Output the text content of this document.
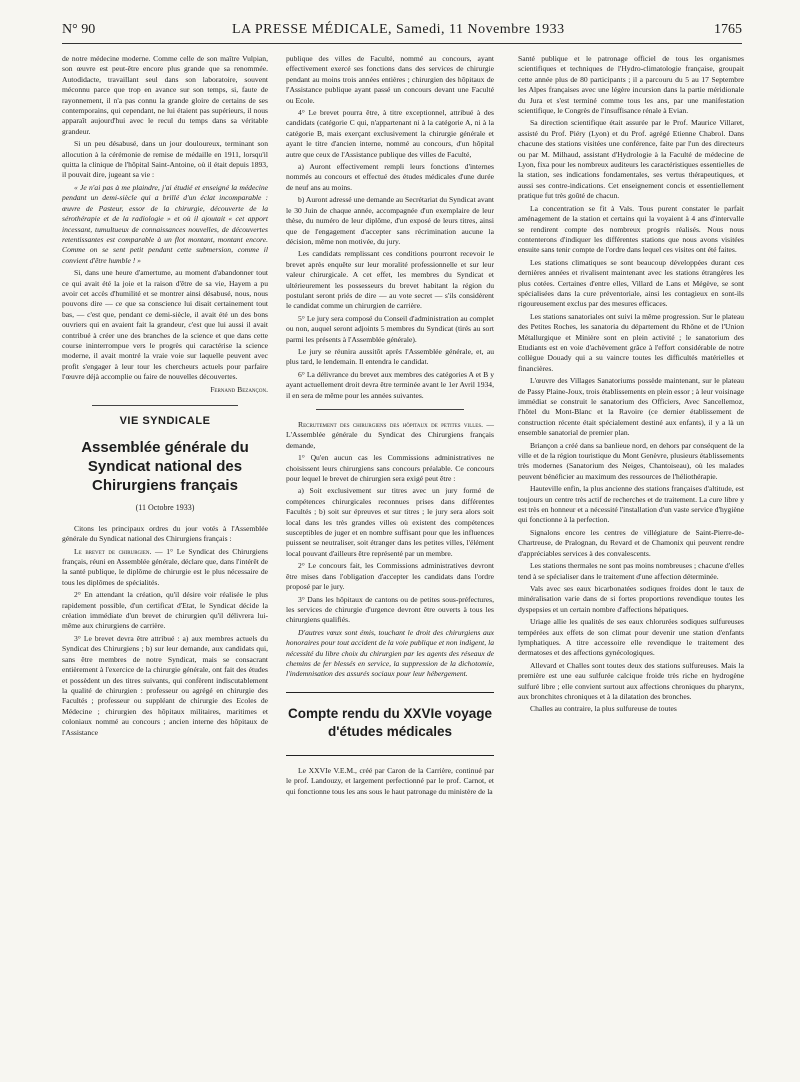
N° 90	LA PRESSE MÉDICALE, Samedi, 11 Novembre 1933	1765

de notre médecine moderne. Comme celle de son maître Vulpian, son œuvre est peut-être encore plus grande que sa renommée. Autodidacte, travaillant seul dans son laboratoire, souvent méconnu parce que trop en avance sur son temps, si, faute de rayonnement, il n'a pas connu la grande gloire de certains de ses contemporains, qui cependant, ne lui étaient pas supérieurs, il nous apparaît aujourd'hui avec le recul du temps dans sa véritable grandeur.

Si un peu désabusé, dans un jour douloureux, terminant son allocution à la cérémonie de remise de médaille en 1911, lorsqu'il quitta la clinique de l'hôpital Saint-Antoine, où il était depuis 1893, il pouvait dire, jugeant sa vie :

« Je n'ai pas à me plaindre, j'ai étudié et enseigné la médecine pendant un demi-siècle qui a brillé d'un éclat incomparable : œuvre de Pasteur, essor de la chirurgie, découverte de la sérothérapie et de la radiologie » et où il ajoutait « cet apport incessant, tumultueux de connaissances nouvelles, de découvertes retentissantes est comparable à un flot montant, montant encore. Comme on se sent petit pendant cette submersion, comme il convient d'être humble ! »

Si, dans une heure d'amertume, au moment d'abandonner tout ce qui avait été la joie et la raison d'être de sa vie, Hayem a pu avoir cet accès d'humilité et se montrer ainsi désabusé, nous, nous pouvons dire — ce que sa conscience lui disait certainement tout bas, — c'est que, pendant ce demi-siècle, il avait été un des bons ouvriers qui en avaient fait la grandeur, c'est que lui aussi il avait contribué à créer une des branches de la science et que dans cette course ininterrompue vers le progrès qui caractérise la science moderne, il avait montré la vraie voie sur laquelle peuvent avec profit s'engager à leur tour les chercheurs actuels pour parfaire l'œuvre déjà accomplie ou faire de nouvelles découvertes.

Fernand Bezançon.
VIE SYNDICALE
Assemblée générale du Syndicat national des Chirurgiens français
(11 Octobre 1933)

Citons les principaux ordres du jour votés à l'Assemblée générale du Syndicat national des Chirurgiens français :

Le brevet de chirurgien. — 1° Le Syndicat des Chirurgiens français, réuni en Assemblée générale, déclare que, dans l'intérêt de la santé publique, le diplôme de chirurgie est le plus nécessaire de tous les diplômes de spécialités.

2° En attendant la création, qu'il désire voir réalisée le plus rapidement possible, d'un certificat d'Etat, le Syndicat décide la création immédiate d'un brevet de chirurgien qu'il délivrera lui-même aux chirurgiens de carrière.

3° Le brevet devra être attribué : a) aux membres actuels du Syndicat des Chirurgiens ; b) sur leur demande, aux candidats qui, sans être membres de notre Syndicat, mais se consacrant entièrement à l'exercice de la chirurgie générale, ont fait des études et possèdent un des titres suivants, qui confèrent indiscutablement la qualité de chirurgien : professeur ou agrégé en chirurgie des Facultés ; professeur ou suppléant de chirurgie des Ecoles de Médecine ; chirurgien des hôpitaux militaires, maritimes et coloniaux nommé au concours ; ancien interne des hôpitaux de l'Assistance

publique des villes de Faculté, nommé au concours, ayant effectivement exercé ses fonctions dans des services de chirurgie pendant au moins trois années entières ; chirurgien des hôpitaux de l'Assistance publique ayant passé un concours devant une Faculté ou Ecole.

4° Le brevet pourra être, à titre exceptionnel, attribué à des candidats (catégorie C qui, n'appartenant ni à la catégorie A, ni à la catégorie B, mais exerçant exclusivement la chirurgie générale et ayant le titre d'ancien interne, nommé au concours, d'un hôpital autre que ceux de l'Assistance publique des villes de Faculté,

a) Auront effectivement rempli leurs fonctions d'internes nommés au concours et effectué des études médicales d'une durée de neuf ans au moins.

b) Auront adressé une demande au Secrétariat du Syndicat avant le 30 Juin de chaque année, accompagnée d'un exemplaire de leur thèse, du numéro de leur diplôme, d'un exposé de leurs titres, ainsi que de l'engagement d'accepter sans récrimination aucune la décision, même non motivée, du jury.

Les candidats remplissant ces conditions pourront recevoir le brevet après enquête sur leur moralité professionnelle et sur leur valeur chirurgicale. A cet effet, les membres du Syndicat et ultérieurement les possesseurs du brevet habitant la région du postulant seront priés de dire — au vote secret — s'ils considèrent le candidat comme un chirurgien de carrière.

5° Le jury sera composé du Conseil d'administration au complet ou non, auquel seront adjoints 5 membres du Syndicat (tirés au sort parmi les présents à l'Assemblée générale).

Le jury se réunira aussitôt après l'Assemblée générale, et, au plus tard, le lendemain. Il entendra le candidat.

6° La délivrance du brevet aux membres des catégories A et B y ayant actuellement droit devra être terminée avant le 1er Avril 1934, il en sera de même pour les années suivantes.

Recrutement des chirurgiens des hôpitaux de petites villes. — L'Assemblée générale du Syndicat des Chirurgiens français demande,

1° Qu'en aucun cas les Commissions administratives ne choisissent leurs chirurgiens sans concours préalable. Ce concours pour lequel le brevet de chirurgien sera exigé peut être :

a) Soit exclusivement sur titres avec un jury formé de compétences chirurgicales reconnues prises dans différentes Facultés ; b) soit sur épreuves et sur titres ; le jury sera alors soit local dans les très grandes villes où existent des compétences susceptibles de juger et en nombre suffisant pour que les influences puissent se neutraliser, soit étranger dans les petites villes, l'élément local pouvant d'ailleurs être représenté par un membre.

2° Le concours fait, les Commissions administratives devront être mises dans l'obligation d'accepter les candidats dans l'ordre proposé par le jury.

3° Dans les hôpitaux de cantons ou de petites sous-préfectures, les services de chirurgie d'urgence devront être ouverts à tous les chirurgiens qualifiés.

D'autres vœux sont émis, touchant le droit des chirurgiens aux honoraires pour tout accident de la voie publique et non indigent, la nécessité du libre choix du chirurgien par les agents des réseaux de chemins de fer blessés en service, la suppression de la dichotomie, l'indemnisation des assurés sociaux pour leur hébergement.

Compte rendu du XXVIe voyage d'études médicales

Le XXVIe V.E.M., créé par Caron de la Carrière, continué par le prof. Landouzy, et largement perfectionné par le prof. Carnot, et qui fonctionne tous les ans sous le haut patronage du ministère de la

Santé publique et le patronage officiel de tous les organismes scientifiques et techniques de l'Hydro-climatologie française, groupait cette année plus de 80 participants ; il a parcouru du 5 au 17 Septembre les Alpes françaises avec une légère incursion dans la partie méridionale du Jura et s'est terminé comme tous les ans, par une manifestation scientifique, le Congrès de l'insuffisance rénale à Evian.

Sa direction scientifique était assurée par le Prof. Maurice Villaret, assisté du Prof. Piéry (Lyon) et du Prof. agrégé Etienne Chabrol. Dans chacune des stations visitées une conférence, faite par l'un des directeurs ou par M. Milhaud, assistant d'Hydrologie à la Faculté de médecine de Lyon, fixa pour les nombreux auditeurs les caractéristiques essentielles de la station, ses indications fondamentales, ses vertus thérapeutiques, et aussi ses contre-indications. Cet enseignement concis et essentiellement pratique fut très goûté de chacun.

La concentration se fit à Vals. Tous purent constater le parfait aménagement de la station et certains qui la voyaient à 4 ans d'intervalle se rendirent compte des nombreux progrès réalisés. Nous nous contenterons d'indiquer les différentes stations que nous avons visitées ensuite sans tenir compte de l'ordre dans lequel ces visites ont été faites.

Les stations climatiques se sont beaucoup développées durant ces dernières années et rivalisent maintenant avec les stations étrangères les plus cotées. Certaines d'entre elles, Villard de Lans et Mégève, se sont spécialisées dans la cure préventoriale, ainsi les contagieux en sont-ils rigoureusement exclus par des mesures efficaces.

Les stations sanatoriales ont suivi la même progression. Sur le plateau des Petites Roches, les sanatoria du département du Rhône et de l'Union Métallurgique et Minière sont en plein activité ; le sanatorium des Etudiants est en voie d'achèvement grâce à l'effort considérable de notre collègue Douady qui a su vaincre toutes les difficultés matérielles et financières.

L'œuvre des Villages Sanatoriums possède maintenant, sur le plateau de Passy Plaine-Joux, trois établissements en plein essor ; à leur voisinage immédiat se construit le sanatorium des Officiers, Avec Sancellemoz, l'hôtel du Mont-Blanc et la Ravoire (ce dernier établissement de construction récente était spécialement destiné aux enfants), il y a là un ensemble sanatorial de premier plan.

Briançon a créé dans sa banlieue nord, en dehors par conséquent de la ville et de la région touristique du Mont Genèvre, plusieurs établissements très modernes (Sanatorium des Neiges, Chantoiseau), où les malades peuvent bénéficier au maximum des ressources de l'héliothérapie.

Hauteville enfin, la plus ancienne des stations françaises d'altitude, est toujours un centre très actif de recherches et de traitement. La cure libre y est très en honneur et a nécessité l'installation d'un vaste service d'hygiène qui fonctionne à la perfection.

Signalons encore les centres de villégiature de Saint-Pierre-de-Chartreuse, de Pralognan, du Revard et de Chamonix qui peuvent rendre d'appréciables services à des convalescents.

Les stations thermales ne sont pas moins nombreuses ; chacune d'elles tend à se spécialiser dans le traitement d'une affection déterminée.

Vals avec ses eaux bicarbonatées sodiques froides dont le taux de minéralisation varie dans de si fortes proportions revendique toutes les dyspepsies et un certain nombre d'affections hépatiques.

Uriage allie les qualités de ses eaux chlorurées sodiques sulfureuses tempérées aux effets de son climat pour devenir une station d'enfants lymphatiques. A titre accessoire elle revendique le traitement des dermatoses et des affections gynécologiques.

Allevard et Challes sont toutes deux des stations sulfureuses. Mais la première est une eau sulfurée calcique froide très riche en hydrogène sulfuré libre ; elle convient surtout aux affections chroniques du pharynx, aux bronchites chroniques et à la dilatation des bronches.

Challes au contraire, la plus sulfureuse de toutes
